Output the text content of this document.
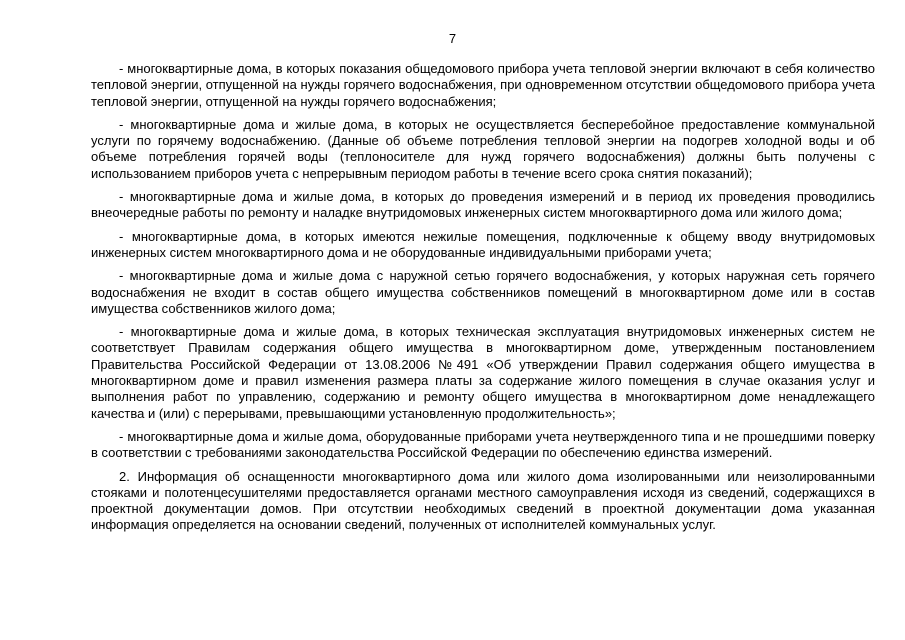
7

- многоквартирные дома, в которых показания общедомового прибора учета тепловой энергии включают в себя количество тепловой энергии, отпущенной на нужды горячего водоснабжения, при одновременном отсутствии общедомового прибора учета тепловой энергии, отпущенной на нужды горячего водоснабжения;

- многоквартирные дома и жилые дома, в которых не осуществляется бесперебойное предоставление коммунальной услуги по горячему водоснабжению. (Данные об объеме потребления тепловой энергии на подогрев холодной воды и об объеме потребления горячей воды (теплоносителе для нужд горячего водоснабжения) должны быть получены с использованием приборов учета с непрерывным периодом работы в течение всего срока снятия показаний);

- многоквартирные дома и жилые дома, в которых до проведения измерений и в период их проведения проводились внеочередные работы по ремонту и наладке внутридомовых инженерных систем многоквартирного дома или жилого дома;

- многоквартирные дома, в которых имеются нежилые помещения, подключенные к общему вводу внутридомовых инженерных систем многоквартирного дома и не оборудованные индивидуальными приборами учета;

- многоквартирные дома и жилые дома с наружной сетью горячего водоснабжения, у которых наружная сеть горячего водоснабжения не входит в состав общего имущества собственников помещений в многоквартирном доме или в состав имущества собственников жилого дома;

- многоквартирные дома и жилые дома, в которых техническая эксплуатация внутридомовых инженерных систем не соответствует Правилам содержания общего имущества в многоквартирном доме, утвержденным постановлением Правительства Российской Федерации от 13.08.2006 №491 «Об утверждении Правил содержания общего имущества в многоквартирном доме и правил изменения размера платы за содержание жилого помещения в случае оказания услуг и выполнения работ по управлению, содержанию и ремонту общего имущества в многоквартирном доме ненадлежащего качества и (или) с перерывами, превышающими установленную продолжительность»;

- многоквартирные дома и жилые дома, оборудованные приборами учета неутвержденного типа и не прошедшими поверку в соответствии с требованиями законодательства Российской Федерации по обеспечению единства измерений.

2. Информация об оснащенности многоквартирного дома или жилого дома изолированными или неизолированными стояками и полотенцесушителями предоставляется органами местного самоуправления исходя из сведений, содержащихся в проектной документации домов. При отсутствии необходимых сведений в проектной документации дома указанная информация определяется на основании сведений, полученных от исполнителей коммунальных услуг.
